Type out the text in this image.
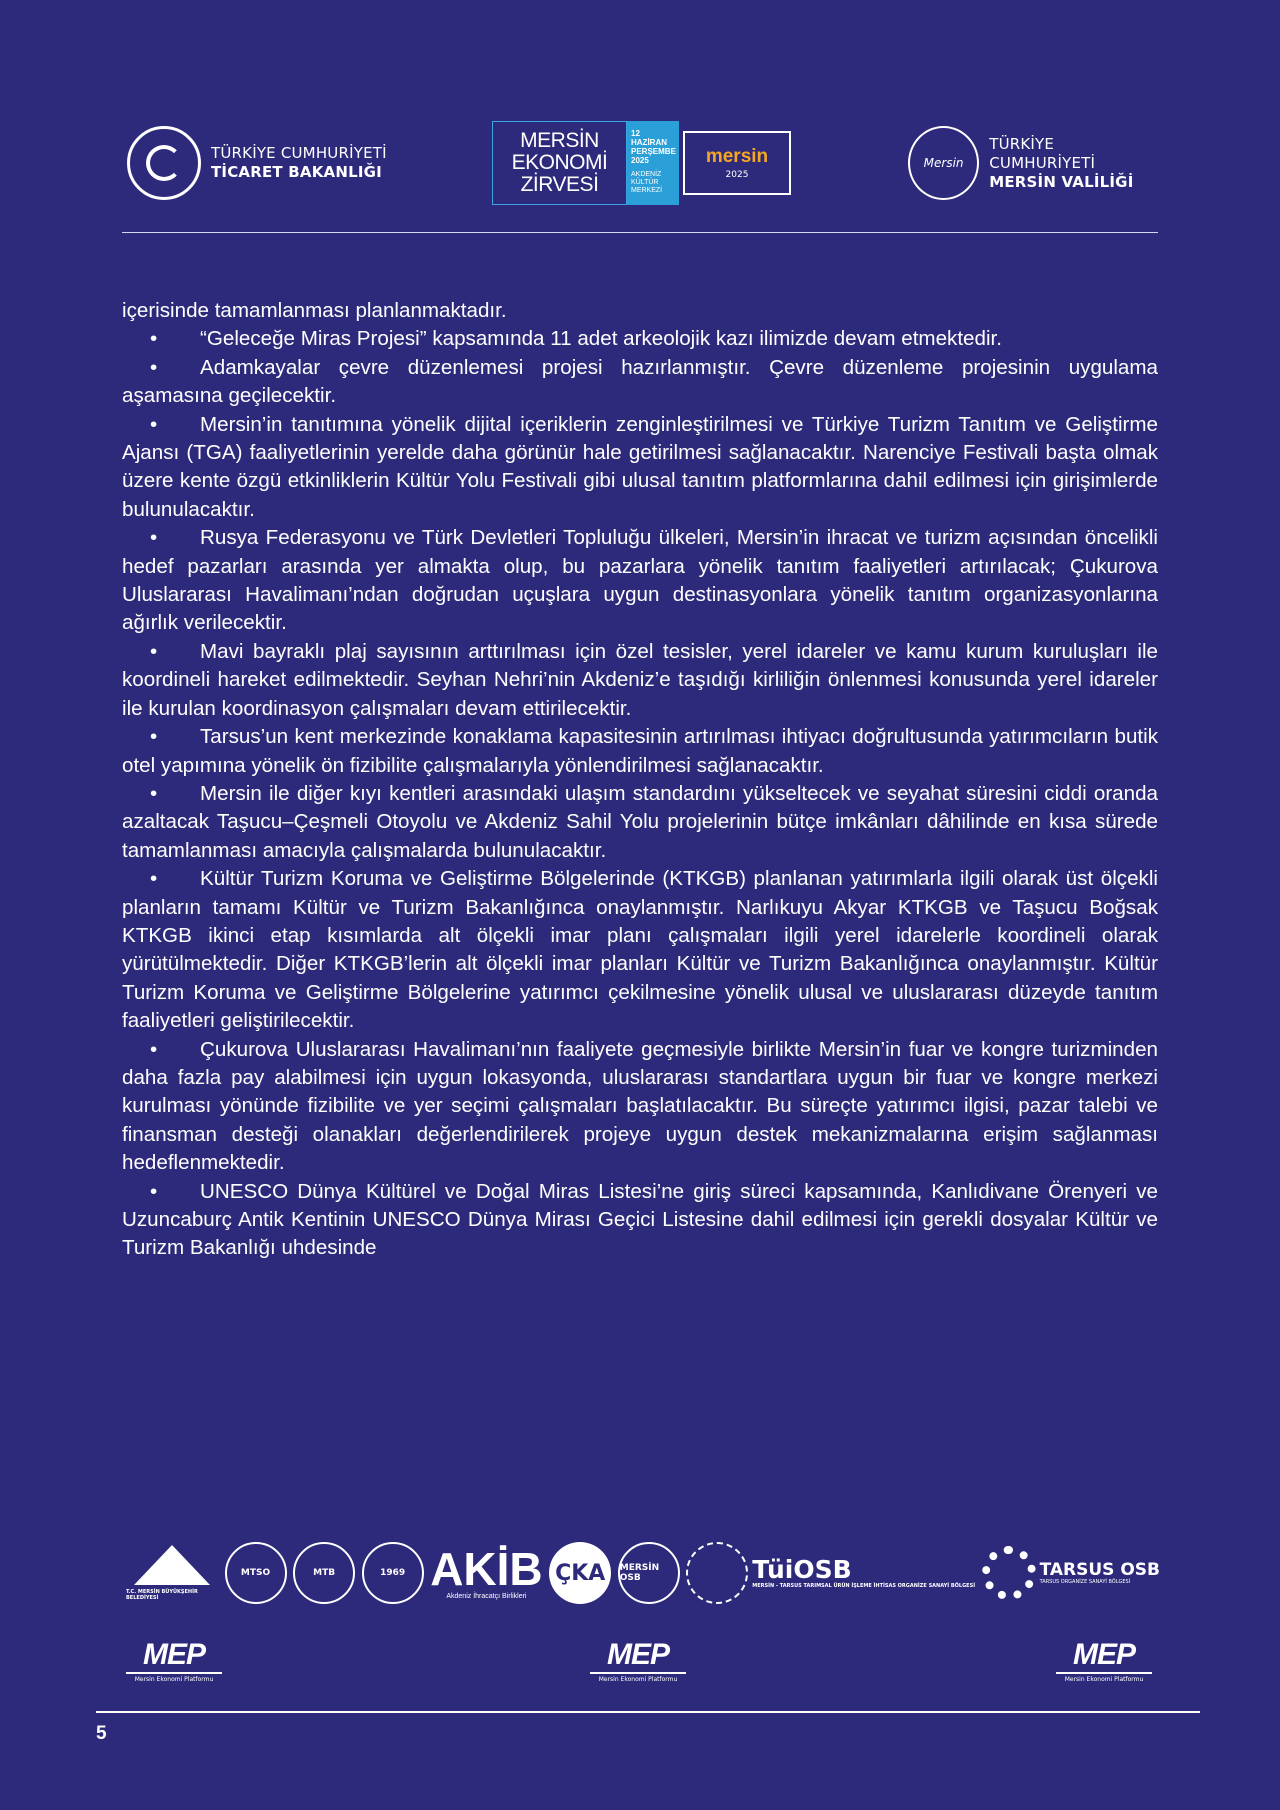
TÜRKİYE CUMHURİYETİ
TİCARET BAKANLIĞI
MERSİN
EKONOMİ
ZİRVESİ
12 HAZİRAN
PERŞEMBE
2025
AKDENİZ KÜLTÜR MERKEZİ
mersin
2025
Mersin
TÜRKİYE CUMHURİYETİ
MERSİN VALİLİĞİ

içerisinde tamamlanması planlanmaktadır.

• “Geleceğe Miras Projesi” kapsamında 11 adet arkeolojik kazı ilimizde devam etmektedir.

• Adamkayalar çevre düzenlemesi projesi hazırlanmıştır. Çevre düzenleme projesinin uygulama aşamasına geçilecektir.

• Mersin’in tanıtımına yönelik dijital içeriklerin zenginleştirilmesi ve Türkiye Turizm Tanıtım ve Geliştirme Ajansı (TGA) faaliyetlerinin yerelde daha görünür hale getirilmesi sağlanacaktır. Narenciye Festivali başta olmak üzere kente özgü etkinliklerin Kültür Yolu Festivali gibi ulusal tanıtım platformlarına dahil edilmesi için girişimlerde bulunulacaktır.

• Rusya Federasyonu ve Türk Devletleri Topluluğu ülkeleri, Mersin’in ihracat ve turizm açısından öncelikli hedef pazarları arasında yer almakta olup, bu pazarlara yönelik tanıtım faaliyetleri artırılacak; Çukurova Uluslararası Havalimanı’ndan doğrudan uçuşlara uygun destinasyonlara yönelik tanıtım organizasyonlarına ağırlık verilecektir.

• Mavi bayraklı plaj sayısının arttırılması için özel tesisler, yerel idareler ve kamu kurum kuruluşları ile koordineli hareket edilmektedir. Seyhan Nehri’nin Akdeniz’e taşıdığı kirliliğin önlenmesi konusunda yerel idareler ile kurulan koordinasyon çalışmaları devam ettirilecektir.

• Tarsus’un kent merkezinde konaklama kapasitesinin artırılması ihtiyacı doğrultusunda yatırımcıların butik otel yapımına yönelik ön fizibilite çalışmalarıyla yönlendirilmesi sağlanacaktır.

• Mersin ile diğer kıyı kentleri arasındaki ulaşım standardını yükseltecek ve seyahat süresini ciddi oranda azaltacak Taşucu–Çeşmeli Otoyolu ve Akdeniz Sahil Yolu projelerinin bütçe imkânları dâhilinde en kısa sürede tamamlanması amacıyla çalışmalarda bulunulacaktır.

• Kültür Turizm Koruma ve Geliştirme Bölgelerinde (KTKGB) planlanan yatırımlarla ilgili olarak üst ölçekli planların tamamı Kültür ve Turizm Bakanlığınca onaylanmıştır. Narlıkuyu Akyar KTKGB ve Taşucu Boğsak KTKGB ikinci etap kısımlarda alt ölçekli imar planı çalışmaları ilgili yerel idarelerle koordineli olarak yürütülmektedir. Diğer KTKGB’lerin alt ölçekli imar planları Kültür ve Turizm Bakanlığınca onaylanmıştır. Kültür Turizm Koruma ve Geliştirme Bölgelerine yatırımcı çekilmesine yönelik ulusal ve uluslararası düzeyde tanıtım faaliyetleri geliştirilecektir.

• Çukurova Uluslararası Havalimanı’nın faaliyete geçmesiyle birlikte Mersin’in fuar ve kongre turizminden daha fazla pay alabilmesi için uygun lokasyonda, uluslararası standartlara uygun bir fuar ve kongre merkezi kurulması yönünde fizibilite ve yer seçimi çalışmaları başlatılacaktır. Bu süreçte yatırımcı ilgisi, pazar talebi ve finansman desteği olanakları değerlendirilerek projeye uygun destek mekanizmalarına erişim sağlanması hedeflenmektedir.

• UNESCO Dünya Kültürel ve Doğal Miras Listesi’ne giriş süreci kapsamında, Kanlıdivane Örenyeri ve Uzuncaburç Antik Kentinin UNESCO Dünya Mirası Geçici Listesine dahil edilmesi için gerekli dosyalar Kültür ve Turizm Bakanlığı uhdesinde

T.C. MERSİN BÜYÜKŞEHİR BELEDİYESİ
MTSO	MTB	1969 AKİB
Akdeniz İhracatçı Birlikleri
ÇKA	MERSİN OSB	TüiOSB
MERSİN - TARSUS TARIMSAL ÜRÜN İŞLEME İHTİSAS ORGANİZE SANAYİ BÖLGESİ
TARSUS OSB
TARSUS ORGANİZE SANAYİ BÖLGESİ
MEP
Mersin Ekonomi Platformu
MEP
Mersin Ekonomi Platformu
MEP
Mersin Ekonomi Platformu
5
